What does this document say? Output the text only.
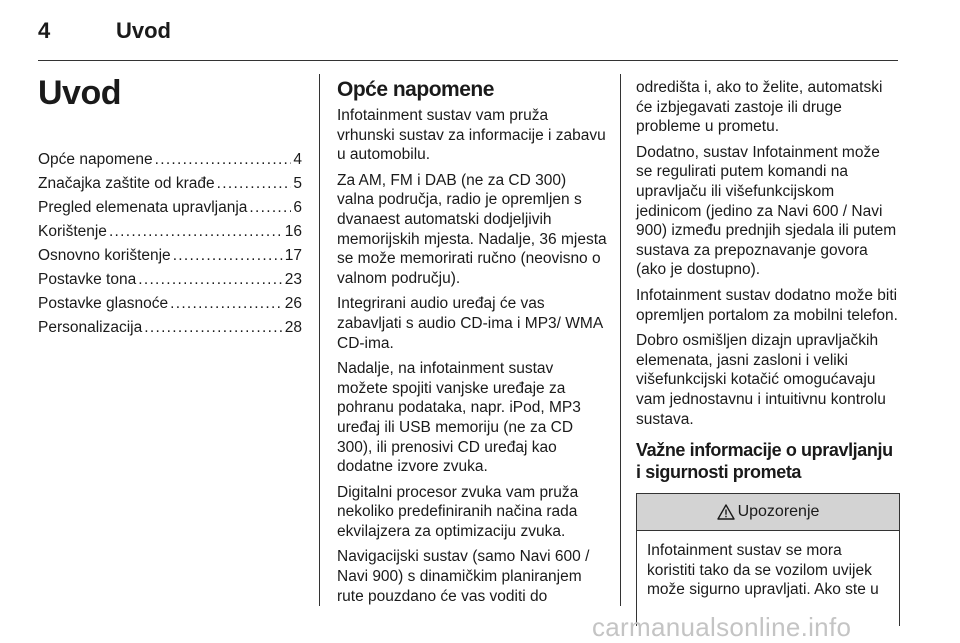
4	Uvod
Uvod
Opće napomene .....	4
Značajka zaštite od krađe .....	5
Pregled elemenata upravljanja .....	6
Korištenje .....	16
Osnovno korištenje .....	17
Postavke tona .....	23
Postavke glasnoće .....	26
Personalizacija .....	28
Opće napomene

Infotainment sustav vam pruža vrhunski sustav za informacije i zabavu u automobilu.

Za AM, FM i DAB (ne za CD 300) valna područja, radio je opremljen s dvanaest automatski dodjeljivih memorijskih mjesta. Nadalje, 36 mjesta se može memorirati ručno (neovisno o valnom području).

Integrirani audio uređaj će vas zabavljati s audio CD-ima i MP3/ WMA CD-ima.

Nadalje, na infotainment sustav možete spojiti vanjske uređaje za pohranu podataka, napr. iPod, MP3 uređaj ili USB memoriju (ne za CD 300), ili prenosivi CD uređaj kao dodatne izvore zvuka.

Digitalni procesor zvuka vam pruža nekoliko predefiniranih načina rada ekvilajzera za optimizaciju zvuka.

Navigacijski sustav (samo Navi 600 / Navi 900) s dinamičkim planiranjem rute pouzdano će vas voditi do

odredišta i, ako to želite, automatski će izbjegavati zastoje ili druge probleme u prometu.

Dodatno, sustav Infotainment može se regulirati putem komandi na upravljaču ili višefunkcijskom jedinicom (jedino za Navi 600 / Navi 900) između prednjih sjedala ili putem sustava za prepoznavanje govora (ako je dostupno).

Infotainment sustav dodatno može biti opremljen portalom za mobilni telefon.

Dobro osmišljen dizajn upravljačkih elemenata, jasni zasloni i veliki višefunkcijski kotačić omogućavaju vam jednostavnu i intuitivnu kontrolu sustava.

Važne informacije o upravljanju i sigurnosti prometa
Upozorenje
Infotainment sustav se mora koristiti tako da se vozilom uvijek može sigurno upravljati. Ako ste u
carmanualsonline.info
